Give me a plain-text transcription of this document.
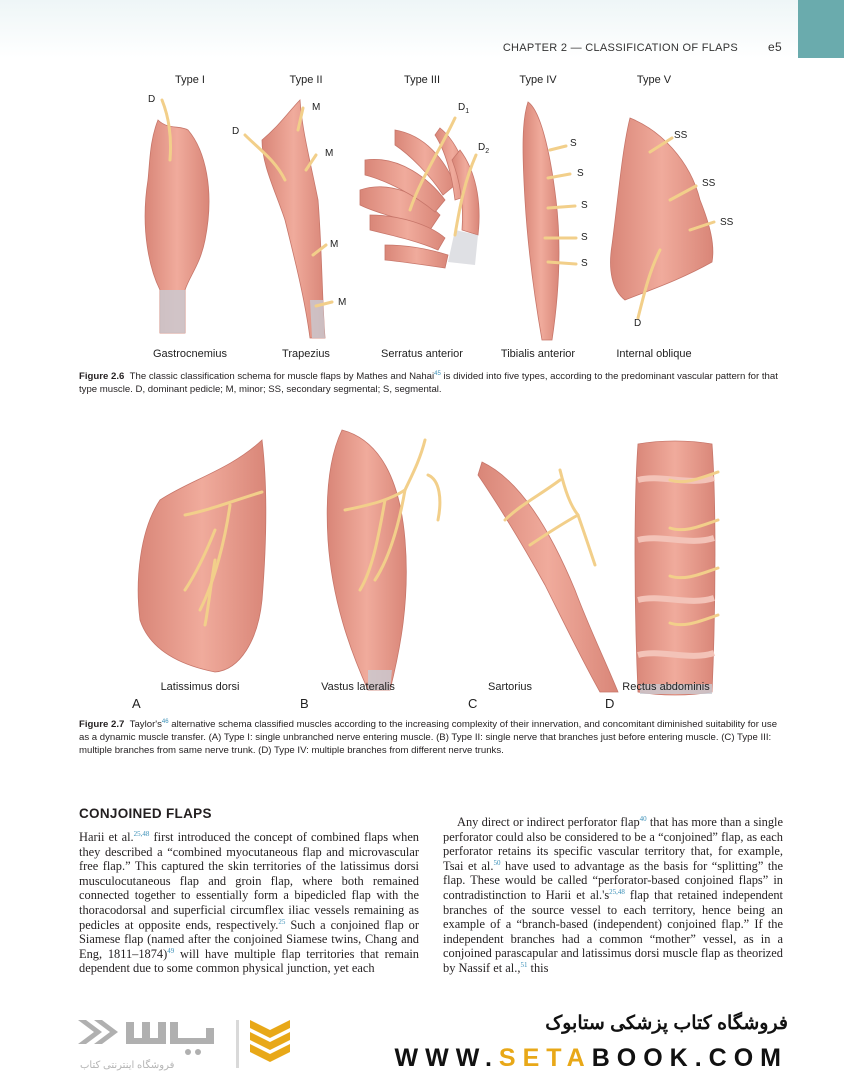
CHAPTER 2 — CLASSIFICATION OF FLAPS	e5
Type I	Type II	Type III	Type IV	Type V
D
D
M
M
M
M
$D_1$
$D_2$
S
S
S
S
S
SS
SS
SS
D
Gastrocnemius	Trapezius	Serratus anterior	Tibialis anterior	Internal oblique
Figure 2.6 The classic classification schema for muscle flaps by Mathes and Nahai$^{45}$ is divided into five types, according to the predominant vascular pattern for that type muscle. D, dominant pedicle; M, minor; SS, secondary segmental; S, segmental.
Latissimus dorsi	Vastus lateralis	Sartorius	Rectus abdominis
A	B	C	D
Figure 2.7 $Taylor's^{46}$ alternative schema classified muscles according to the increasing complexity of their innervation, and concomitant diminished suitability for use as a dynamic muscle transfer. (A) Type I: single unbranched nerve entering muscle. (B) Type II: single nerve that branches just before entering muscle. (C) Type III: multiple branches from same nerve trunk. (D) Type IV: multiple branches from different nerve trunks.
CONJOINED FLAPS
Harii et al.$^{25,48}$ first introduced the concept of combined flaps when they described a “combined myocutaneous flap and microvascular free flap.” This captured the skin territories of the latissimus dorsi musculocutaneous flap and groin flap, where both remained connected together to essentially form a bipedicled flap with the thoracodorsal and superficial circumflex iliac vessels remaining as pedicles at opposite ends, respectively.$^{25}$ Such a conjoined flap or Siamese flap (named after the conjoined Siamese twins, Chang and Eng, 1811–1874)$^{49}$ will have multiple flap territories that remain dependent due to some common physical junction, yet each
Any direct or indirect perforator flap$^{40}$ that has more than a single perforator could also be considered to be a “conjoined” flap, as each perforator retains its specific vascular territory that, for example, Tsai et al.$^{50}$ have used to advantage as the basis for “splitting” the flap. These would be called “perforator-based conjoined flaps” in contradistinction to Harii et $al.'s^{25,48}$ flap that retained independent branches of the source vessel to each territory, hence being an example of a “branch-based (independent) conjoined flap.” If the independent branches had a common “mother” vessel, as in a conjoined parascapular and latissimus dorsi muscle flap as theorized by Nassif et al.,$^{51}$ this
فروشگاه اینترنتی کتاب
فروشگاه کتاب پزشکی ستابوک
WWW.SETABOOK.COM
